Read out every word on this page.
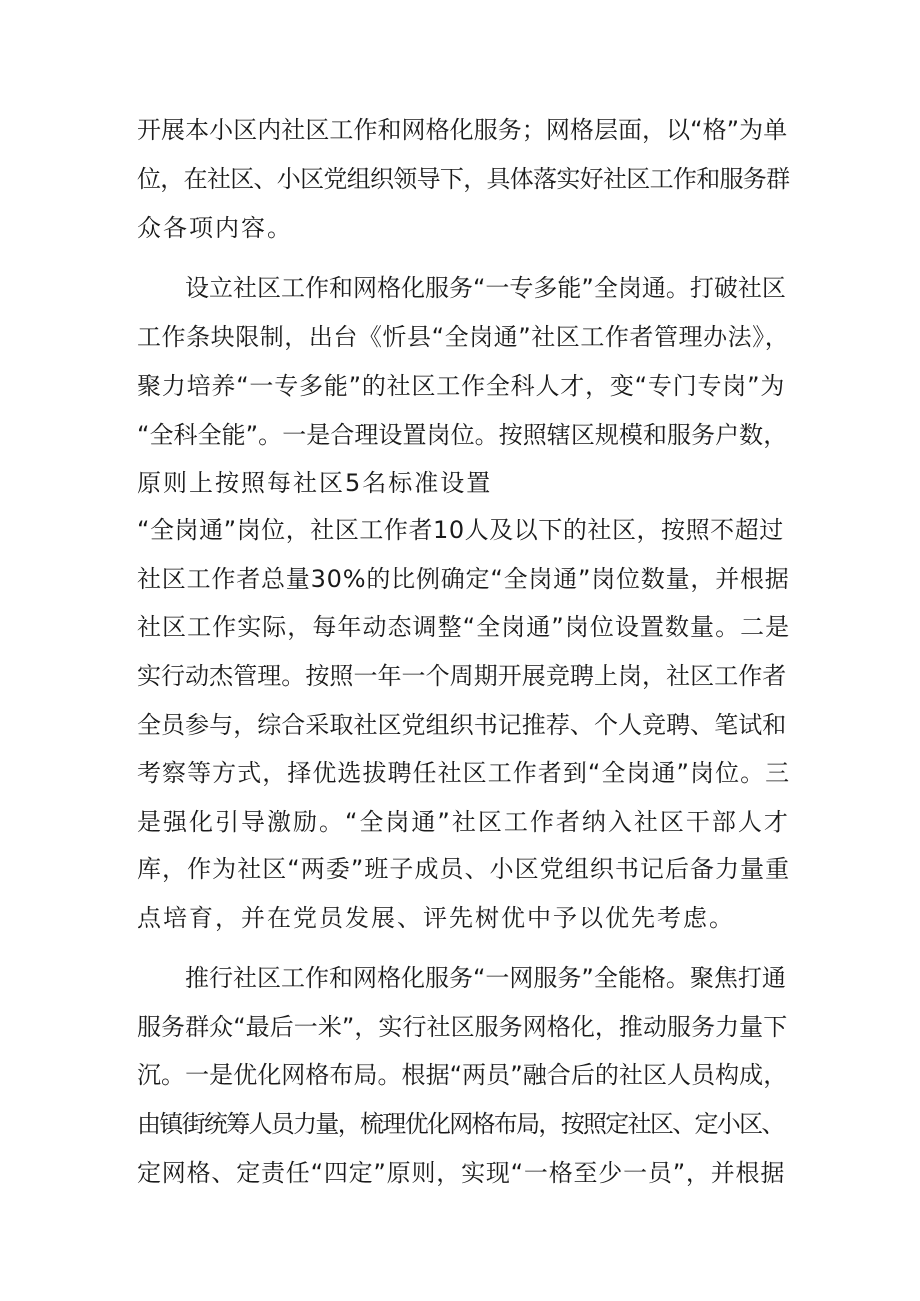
开展本小区内社区工作和网格化服务；网格层面，以“格”为单

位，在社区、小区党组织领导下，具体落实好社区工作和服务群

众各项内容。

设立社区工作和网格化服务“一专多能”全岗通。打破社区

工作条块限制，出台《忻县“全岗通”社区工作者管理办法》，

聚力培养“一专多能”的社区工作全科人才，变“专门专岗”为

“全科全能”。一是合理设置岗位。按照辖区规模和服务户数，

原则上按照每社区5名标准设置

“全岗通”岗位，社区工作者10人及以下的社区，按照不超过

社区工作者总量30%的比例确定“全岗通”岗位数量，并根据

社区工作实际，每年动态调整“全岗通”岗位设置数量。二是

实行动杰管理。按照一年一个周期开展竞聘上岗，社区工作者

全员参与，综合采取社区党组织书记推荐、个人竞聘、笔试和

考察等方式，择优选拔聘任社区工作者到“全岗通”岗位。三

是强化引导激励。“全岗通”社区工作者纳入社区干部人才

库，作为社区“两委”班子成员、小区党组织书记后备力量重

点培育，并在党员发展、评先树优中予以优先考虑。

推行社区工作和网格化服务“一网服务”全能格。聚焦打通

服务群众“最后一米”，实行社区服务网格化，推动服务力量下

沉。一是优化网格布局。根据“两员”融合后的社区人员构成，

由镇街统筹人员力量，梳理优化网格布局，按照定社区、定小区、

定网格、定责任“四定”原则，实现“一格至少一员”，并根据
